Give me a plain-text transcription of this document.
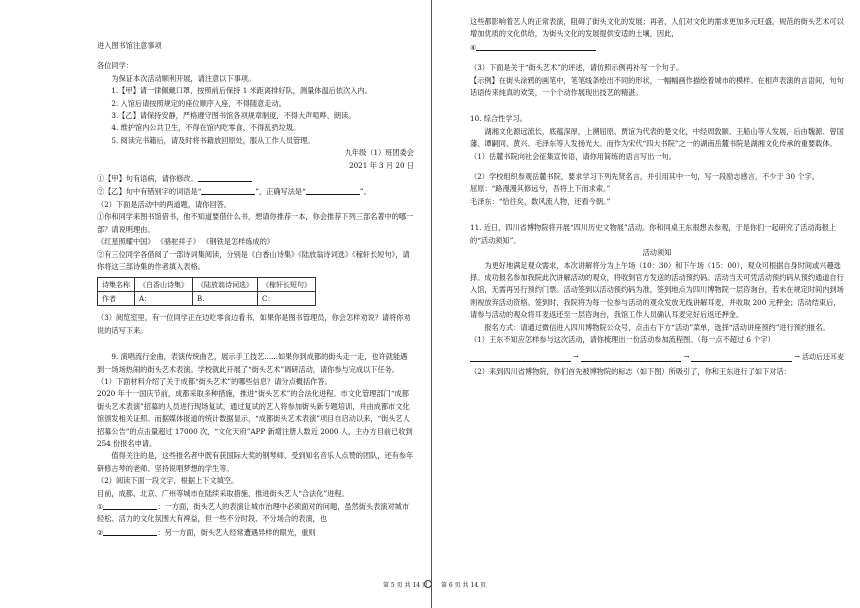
进入图书馆注意事项

各位同学：

为保证本次活动顺利开展，请注意以下事项。

1.【甲】请一律佩戴口罩，按照前后保持 1 米距离排好队，测量体温后依次入内。

2. 入馆后请按照规定的座位顺序入座，不得随意走动。

3.【乙】请保持安静，严格遵守图书馆各项规章制度，不得大声喧哗、朗读。

4. 维护馆内公共卫生，不得在馆内吃零食，不得乱扔垃圾。

5. 阅读完书籍后，请及时将书籍放回原处，服从工作人员管理。

九年级（1）班团委会

2021 年 3 月 20 日

①【甲】句有语病，请你修改。

②【乙】句中有错别字的词语是“	”，正确写法是“	”。

（2）下面是活动中的两道题，请你回答。

①你和同学来图书馆借书，他不知道要借什么书，想请你推荐一本，你会推荐下列三部名著中的哪一部？请说明理由。

《红星照耀中国》 《骆驼祥子》 《钢铁是怎样炼成的》

②有三位同学各借阅了一部诗词集阅读，分别是《白香山诗集》《陆放翁诗词选》《稼轩长短句》，请你将这三部诗集的作者填入表格。

诗集名称	《白香山诗集》	《陆放翁诗词选》	《稼轩长短句》
作者	A：	B.	C：

（3）阅览室里，有一位同学正在边吃零食边看书，如果你是图书管理员，你会怎样劝说？请将你劝说的话写下来。

9. 演唱流行金曲，表演传统曲艺，展示手工技艺......如果你到成都的街头走一走，也许就能遇到一场场热闹的街头艺术表演。学校就此开展了“街头艺术”调研活动，请你参与完成以下任务。

（1）下面材料介绍了关于成都“街头艺术”的哪些信息？请分点概括作答。

2020 年十一国庆节前，成都采取多种措施，推进“街头艺术”的合法化进程。市文化管理部门“成都街头艺术表演”招募的人员进行现场复试，通过复试的艺人将参加街头新专题培训，并由成都市文化馆颁发相关证照。而据媒体报道的统计数据显示，“成都街头艺术表演”项目自启动以来，“街头艺人招募公告”的点击量超过 17000 次，“文化天府”APP 新增注册人数近 2000 人，主办方目前已收到 254 份报名申请。

值得关注的是，这些报名者中既有获国际大奖的钢琴师、受到知名音乐人点赞的团队，还有参年研修古琴的老师、坚持说唱梦想的学生等。

（2）阅读下面一段文字，根据上下文填空。

目前，成都、北京、广州等城市在陆续采取措施，推进街头艺人“合法化”进程。

①	：一方面，街头艺人的表演让城市治理中必须面对的问题，虽然街头表演对城市轻松、活力的文化氛围大有裨益，但一些不分时段、不分场合的表演，也

②	：另一方面，街头艺人经常遭遇异样的眼光，重则

这些都影响着艺人的正常表演，阻碍了街头文化的发展；再者，人们对文化的需求更加多元旺盛，规范的街头艺术可以增加优质的文化供给，为街头文化的发展提供安适的土壤，因此，

④

（3）下面是关于“街头艺术”的评述，请仿照示例再补写一个句子。

【示例】在街头涂鸦的画笔中，笔笔线条绘出不同的形状，一幅幅画作描绘着城市的模样。在相声表演的言语间，句句话语传来纯真的欢笑，一个个动作展现出技艺的精湛。

10. 综合性学习。

湖湘文化源远流长，底蕴深厚，上溯屈原、贾谊为代表的楚文化，中经周敦颐、王船山等人发展，后由魏源、曾国藩、谭嗣同、黄兴、毛泽东等人发扬光大。而作为宋代“四大书院”之一的湖南岳麓书院是湖湘文化传承的重要载体。

（1）岳麓书院向社会征集宣传语，请你用简练的语言写出一句。

（2）学校组织参观岳麓书院，要求学习下列先贤名言，并引用其中一句，写一段励志感言，不少于 30 个字。

屈原：“路漫漫其修远兮，吾将上下而求索。”

毛泽东：“恰往矣，数风流人物，还看今朝。”

11. 近日，四川省博物院将开展“四川历史文物展”活动。你和同桌王东很想去参观，于是你们一起研究了活动海报上的“活动须知”。

活动须知

为更好地满足观众需求，本次讲解将分为上午场（10：30）和下午场（15：00），观众可根据自身时间或兴趣选择。成功报名参加我院此次讲解活动的观众，将收到官方发送的活动预约码。活动当天可凭活动预约码从预约通道自行入馆，无需再另行预约门票。活动签到以活动预约码为准，签到地点为四川博物院一层咨询台，若未在规定时间内到场则视放弃活动资格。签到时，我院将为每一位参与活动的观众发放无线讲解耳麦，并收取 200 元押金；活动结束后，请参与活动的观众将耳麦返还至一层咨询台，我馆工作人员确认耳麦完好后返还押金。

报名方式：请通过微信进入四川博物院公众号，点击右下方“活动”菜单，选择“活动讲座预约”进行预约报名。

（1）王东不知应怎样参与这次活动，请你梳理出一份活动参加流程图。（每一点不超过 6 个字）

→	→	→ 活动后还耳麦

（2）来到四川省博物院，你们首先被博物院的标志（如下图）所吸引了，你和王东进行了如下对话：

第 5 页 共 14 页 第 6 页 共 14 页
